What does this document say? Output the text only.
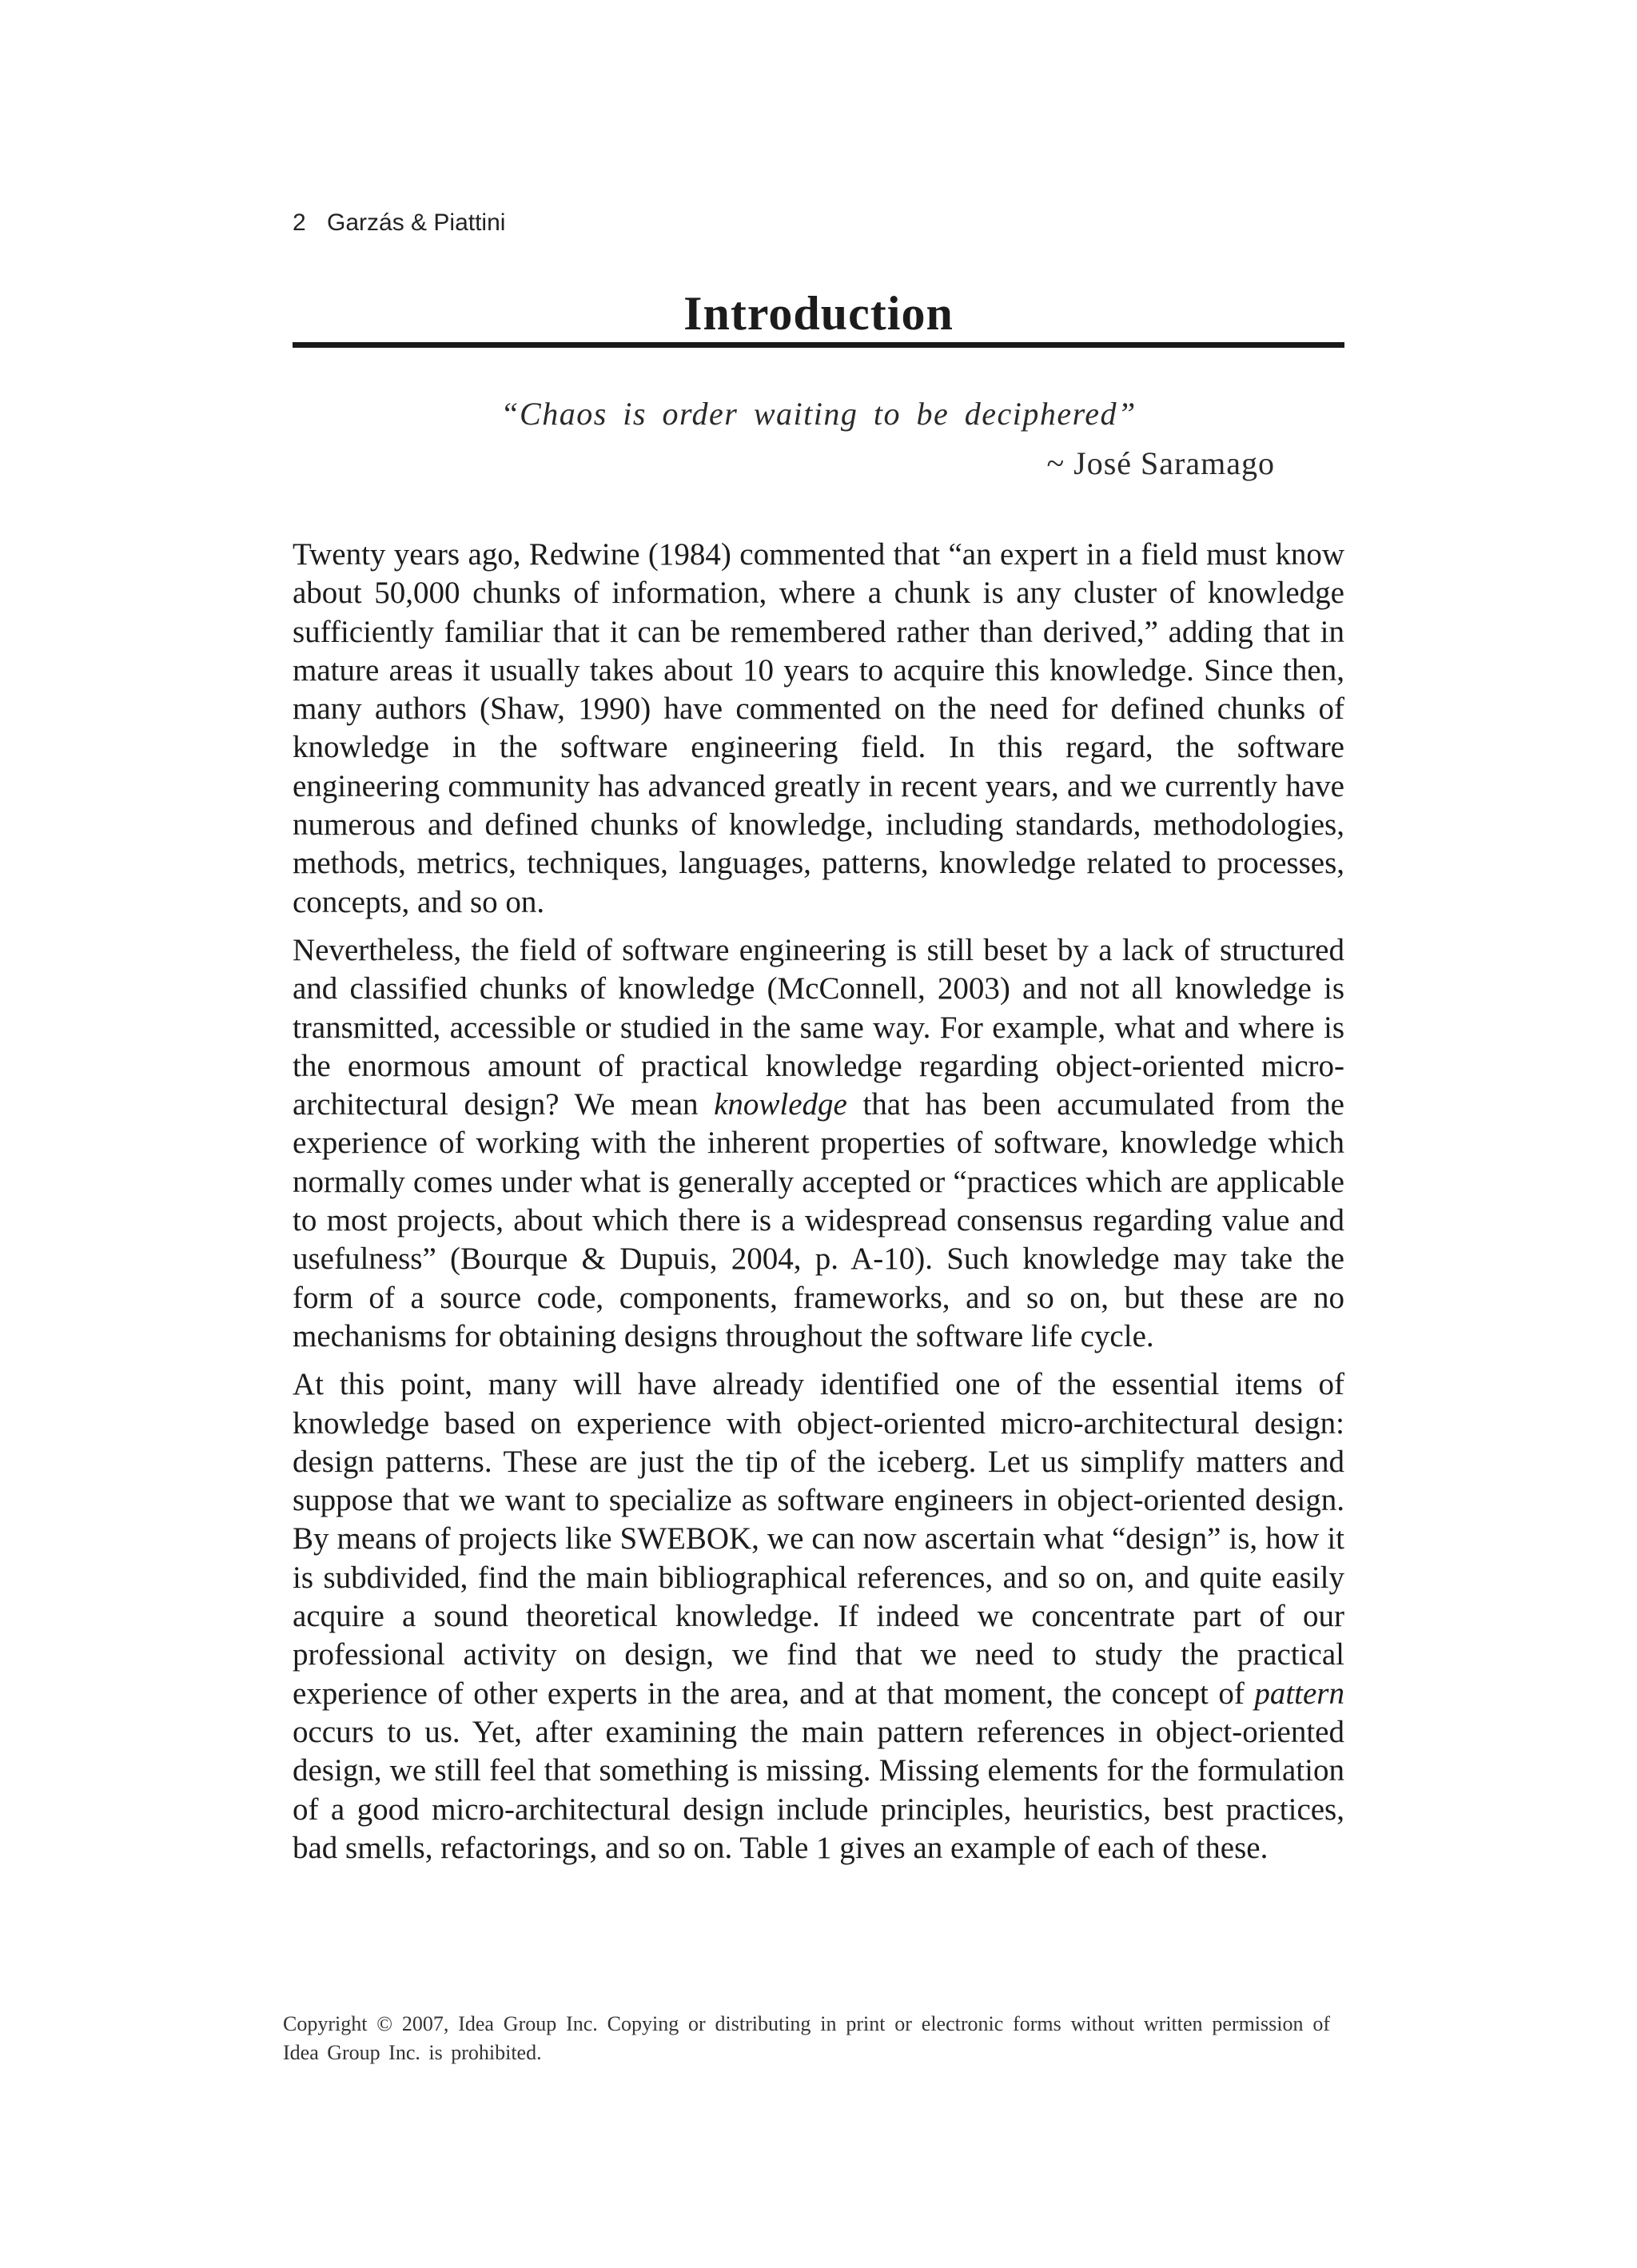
2 Garzás & Piattini
Introduction
“Chaos is order waiting to be deciphered”
~ José Saramago

Twenty years ago, Redwine (1984) commented that “an expert in a field must know about 50,000 chunks of information, where a chunk is any cluster of knowledge sufficiently familiar that it can be remembered rather than derived,” adding that in mature areas it usually takes about 10 years to acquire this knowledge. Since then, many authors (Shaw, 1990) have commented on the need for defined chunks of knowledge in the software engineering field. In this regard, the software engineering community has advanced greatly in recent years, and we currently have numerous and defined chunks of knowledge, including standards, methodologies, methods, metrics, techniques, languages, patterns, knowledge related to processes, concepts, and so on.

Nevertheless, the field of software engineering is still beset by a lack of structured and classified chunks of knowledge (McConnell, 2003) and not all knowledge is transmitted, accessible or studied in the same way. For example, what and where is the enormous amount of practical knowledge regarding object-oriented micro-architectural design? We mean knowledge that has been accumulated from the experience of working with the inherent properties of software, knowledge which normally comes under what is generally accepted or “practices which are applicable to most projects, about which there is a widespread consensus regarding value and usefulness” (Bourque & Dupuis, 2004, p. A-10). Such knowledge may take the form of a source code, components, frameworks, and so on, but these are no mechanisms for obtaining designs throughout the software life cycle.

At this point, many will have already identified one of the essential items of knowledge based on experience with object-oriented micro-architectural design: design patterns. These are just the tip of the iceberg. Let us simplify matters and suppose that we want to specialize as software engineers in object-oriented design. By means of projects like SWEBOK, we can now ascertain what “design” is, how it is subdivided, find the main bibliographical references, and so on, and quite easily acquire a sound theoretical knowledge. If indeed we concentrate part of our professional activity on design, we find that we need to study the practical experience of other experts in the area, and at that moment, the concept of pattern occurs to us. Yet, after examining the main pattern references in object-oriented design, we still feel that something is missing. Missing elements for the formulation of a good micro-architectural design include principles, heuristics, best practices, bad smells, refactorings, and so on. Table 1 gives an example of each of these.

Copyright © 2007, Idea Group Inc. Copying or distributing in print or electronic forms without written permission of Idea Group Inc. is prohibited.
